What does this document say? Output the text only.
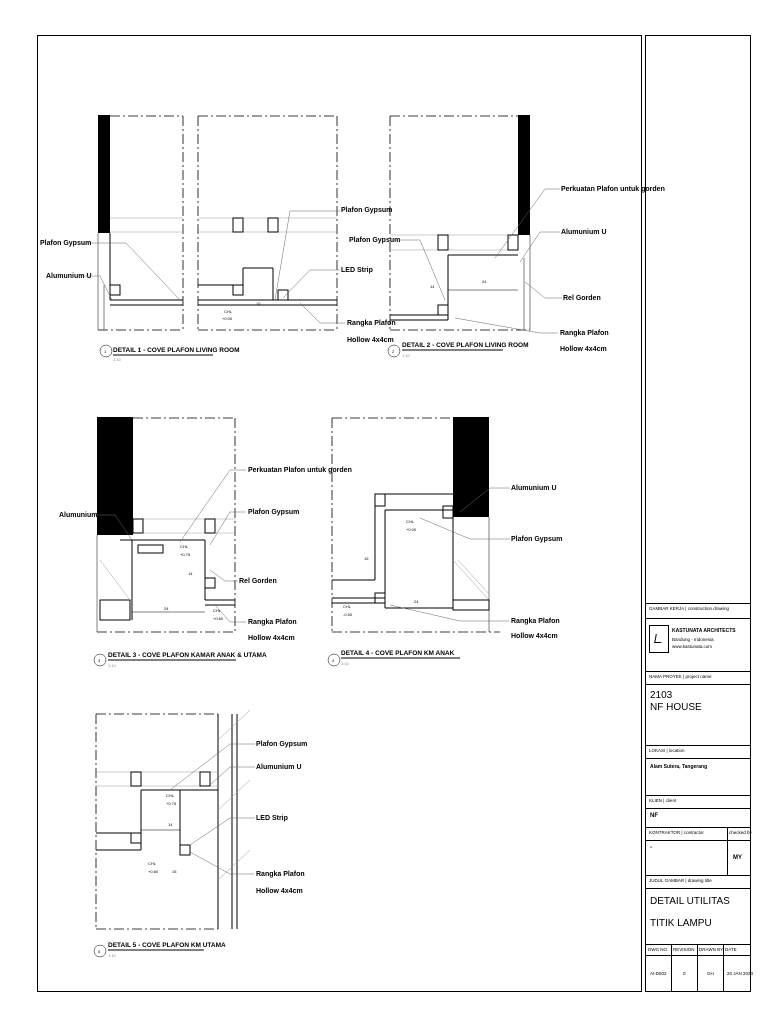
CHL
+0.00
10
Plafon Gypsum
Alumunium U
Plafon Gypsum
LED Strip
Rangka Plafon
Hollow 4x4cm
1 DETAIL 1 - COVE PLAFON LIVING ROOM
1:10
14
24
Perkuatan Plafon untuk gorden
Alumunium U
Plafon Gypsum
Rel Gorden
Rangka Plafon
Hollow 4x4cm
2
DETAIL 2 - COVE PLAFON LIVING ROOM
1:10
CHL
+0.75
CHL
+0.60
14
24
Perkuatan Plafon untuk gorden
Alumunium U	Plafon Gypsum
Rel Gorden
Rangka Plafon
Hollow 4x4cm
3
DETAIL 3 - COVE PLAFON KAMAR ANAK & UTAMA
1:10
CHL
+0.00
CHL
-0.50
24
15
Alumunium U
Plafon Gypsum
Rangka Plafon
Hollow 4x4cm
4
DETAIL 4 - COVE PLAFON KM ANAK
1:10
CHL
+0.75
CHL
+0.60
14
15
Plafon Gypsum
Alumunium U
LED Strip
Rangka Plafon
Hollow 4x4cm
5
DETAIL 5 - COVE PLAFON KM UTAMA
1:10
GAMBAR KERJA | construction drawing
KASTUNATA ARCHITECTS
Bandung - Indonesia
www.kastunata.com
NAMA PROYEK | project name
2103
NF HOUSE
LOKASI | location
Alam Sutera, Tangerang
KLIEN | client
NF
KONTRAKTOR | contractor	checked by
-
MY
JUDUL GAMBAR | drawing title
DETAIL UTILITAS
TITIK LAMPU
DWG NO. REVISION DRAWN BY DATE
AI-D502	0	GH	20 JAN 2023
